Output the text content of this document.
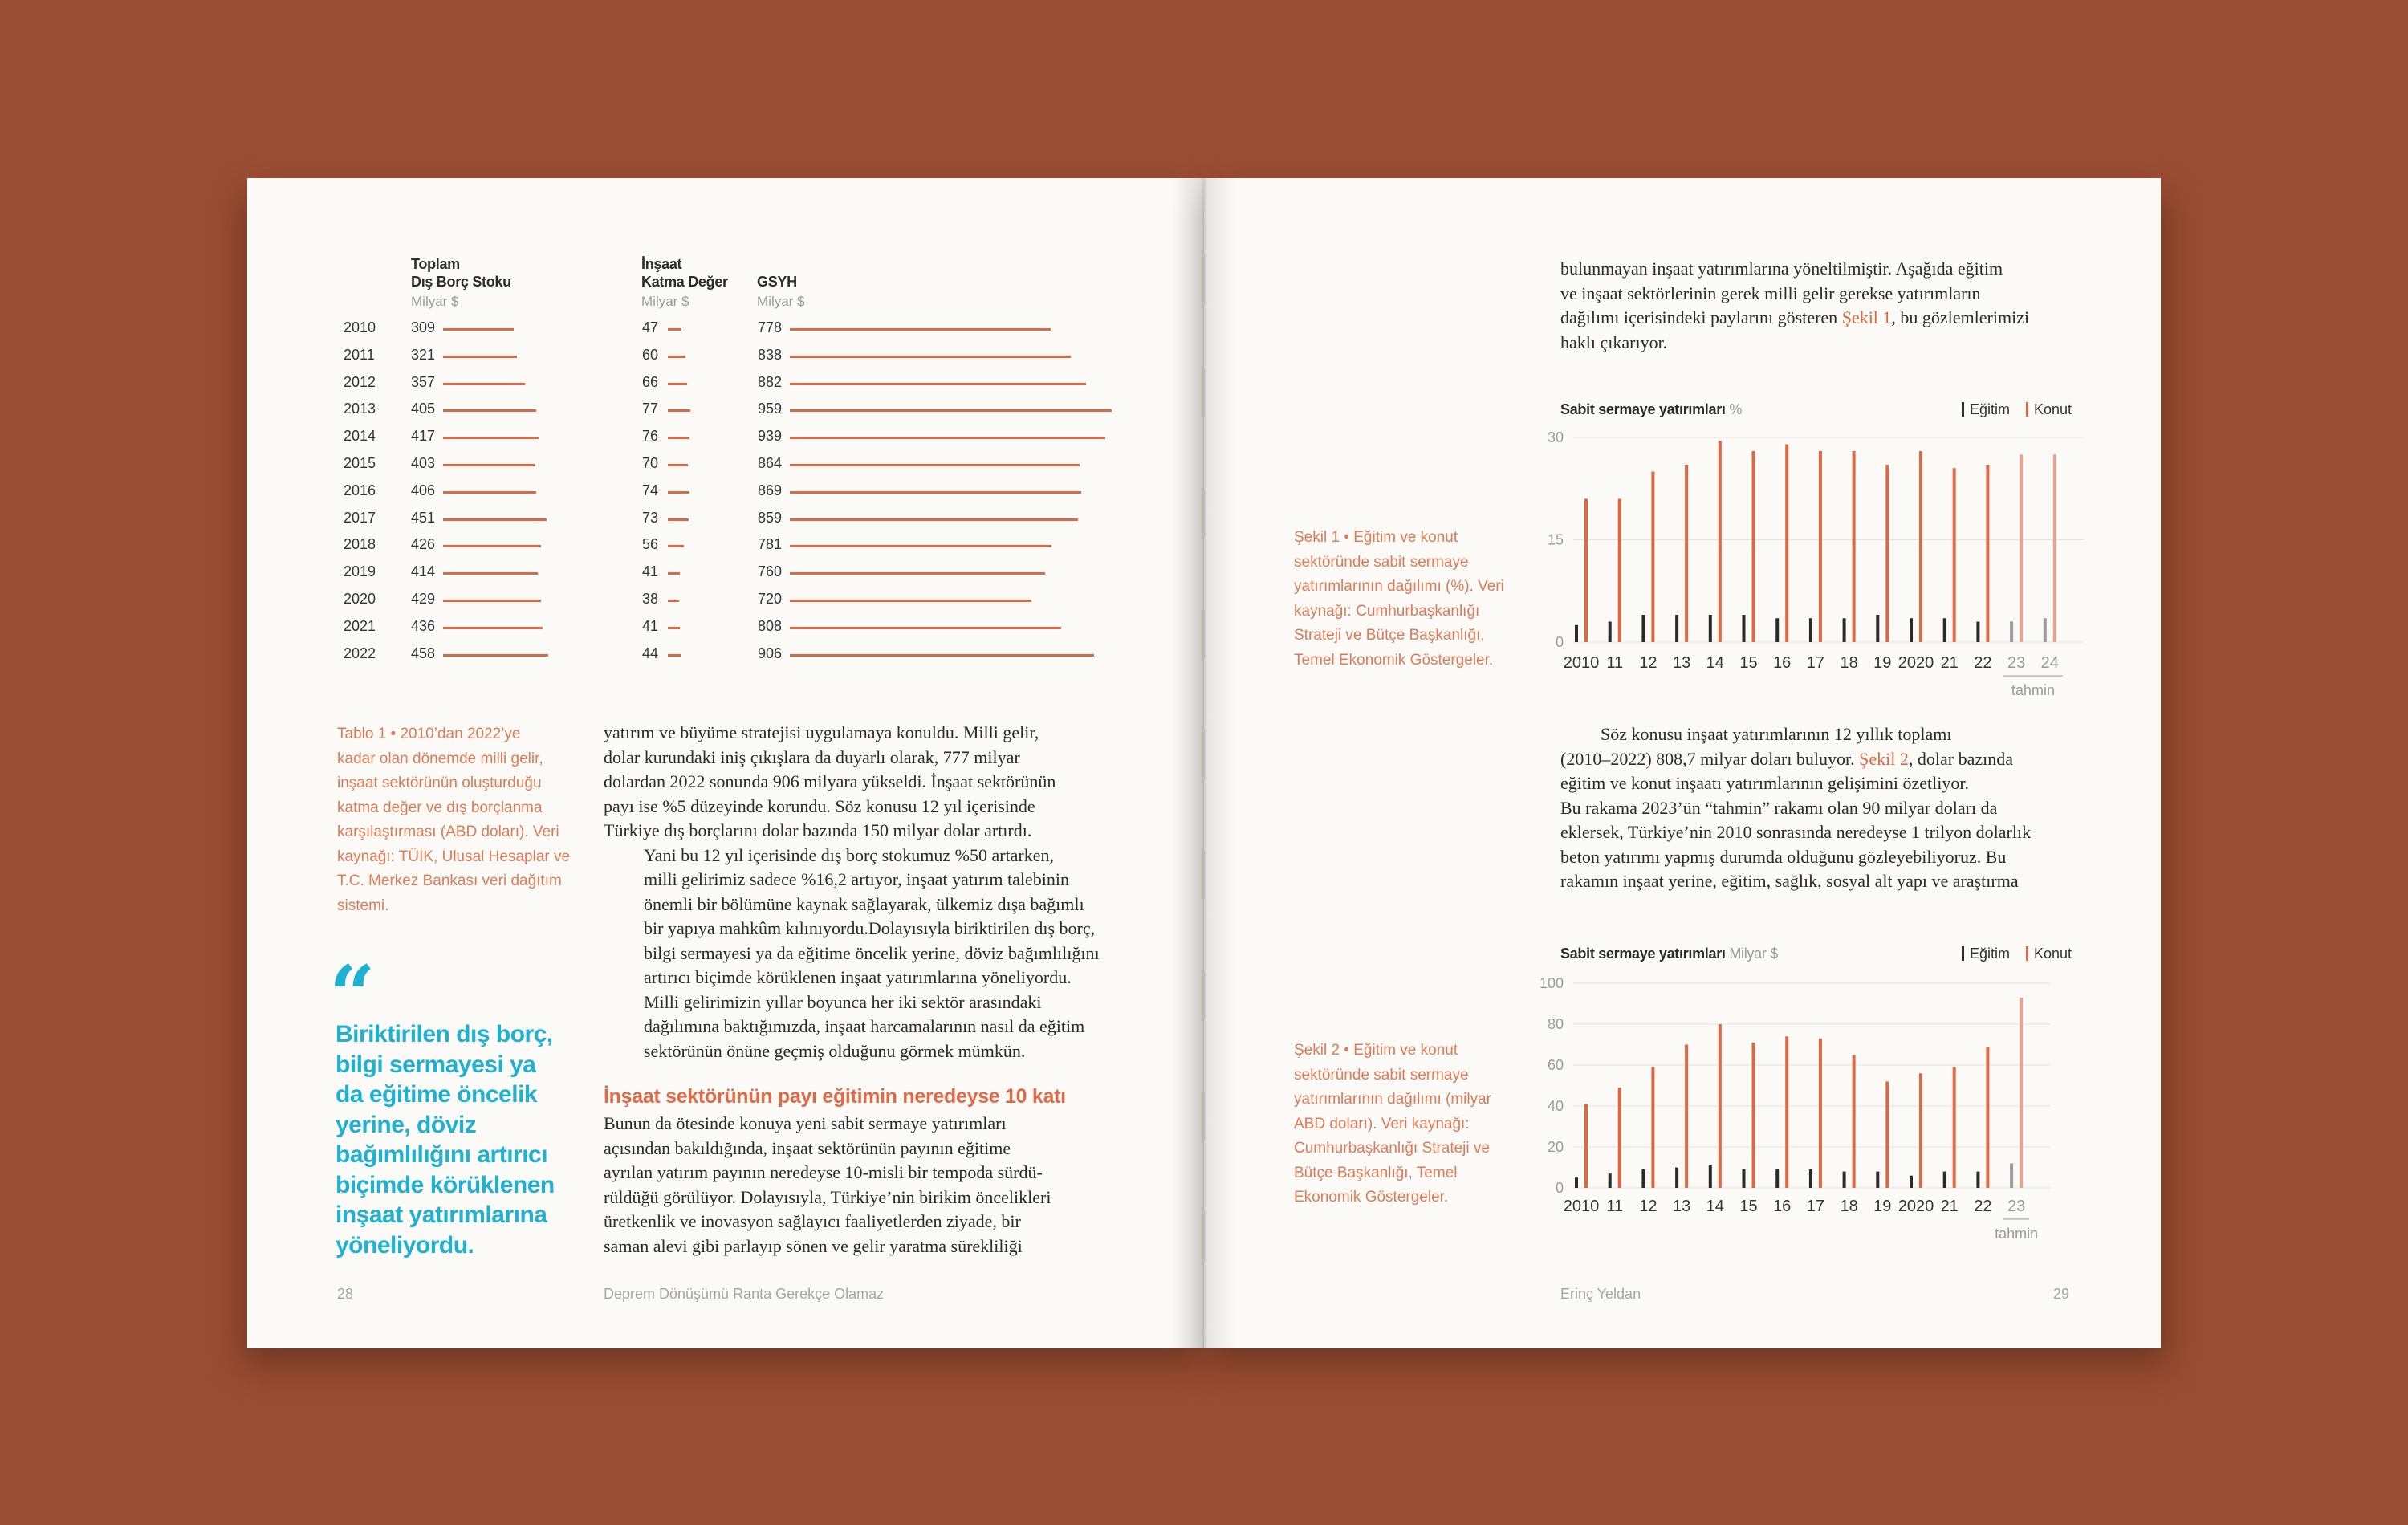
Toplam
Dış Borç Stoku
Milyar $
İnşaat
Katma Değer
Milyar $
GSYH
Milyar $
2010 309	47	778
2011	321	60	838
2012 357	66	882
2013 405	77	959
2014 417	76	939
2015 403	70	864
2016 406	74	869
2017 451	73	859
2018 426	56	781
2019 414	41	760
2020 429	38	720
2021 436	41	808
2022 458	44	906
Tablo 1 • 2010’dan 2022’ye
kadar olan dönemde milli gelir,
inşaat sektörünün oluşturduğu
katma değer ve dış borçlanma
karşılaştırması (ABD doları). Veri
kaynağı: TÜİK, Ulusal Hesaplar ve
T.C. Merkez Bankası veri dağıtım
sistemi.

yatırım ve büyüme stratejisi uygulamaya konuldu. Milli gelir,
dolar kurundaki iniş çıkışlara da duyarlı olarak, 777 milyar
dolardan 2022 sonunda 906 milyara yükseldi. İnşaat sektörünün
payı ise %5 düzeyinde korundu. Söz konusu 12 yıl içerisinde
Türkiye dış borçlarını dolar bazında 150 milyar dolar artırdı.

Yani bu 12 yıl içerisinde dış borç stokumuz %50 artarken,
milli gelirimiz sadece %16,2 artıyor, inşaat yatırım talebinin
önemli bir bölümüne kaynak sağlayarak, ülkemiz dışa bağımlı
bir yapıya mahkûm kılınıyordu.Dolayısıyla biriktirilen dış borç,
bilgi sermayesi ya da eğitime öncelik yerine, döviz bağımlılığını
artırıcı biçimde körüklenen inşaat yatırımlarına yöneliyordu.
Milli gelirimizin yıllar boyunca her iki sektör arasındaki
dağılımına baktığımızda, inşaat harcamalarının nasıl da eğitim
sektörünün önüne geçmiş olduğunu görmek mümkün.

İnşaat sektörünün payı eğitimin neredeyse 10 katı

Bunun da ötesinde konuya yeni sabit sermaye yatırımları
açısından bakıldığında, inşaat sektörünün payının eğitime
ayrılan yatırım payının neredeyse 10-misli bir tempoda sürdü-
rüldüğü görülüyor. Dolayısıyla, Türkiye’nin birikim öncelikleri
üretkenlik ve inovasyon sağlayıcı faaliyetlerden ziyade, bir
saman alevi gibi parlayıp sönen ve gelir yaratma sürekliliği

“
Biriktirilen dış borç,
bilgi sermayesi ya
da eğitime öncelik
yerine, döviz
bağımlılığını artırıcı
biçimde körüklenen
inşaat yatırımlarına
yöneliyordu.
28	Deprem Dönüşümü Ranta Gerekçe Olamaz

bulunmayan inşaat yatırımlarına yöneltilmiştir. Aşağıda eğitim
ve inşaat sektörlerinin gerek milli gelir gerekse yatırımların

dağılımı içerisindeki paylarını gösteren Şekil 1, bu gözlemlerimizi

haklı çıkarıyor.

Sabit sermaye yatırımları %	Eğitim	Konut
0
15
30
2010 11 12 13 14 15 16 17 18 19 2020 21 22 23 24
tahmin
Şekil 1 • Eğitim ve konut
sektöründe sabit sermaye
yatırımlarının dağılımı (%). Veri
kaynağı: Cumhurbaşkanlığı
Strateji ve Bütçe Başkanlığı,
Temel Ekonomik Göstergeler.

Söz konusu inşaat yatırımlarının 12 yıllık toplamı

(2010–2022) 808,7 milyar doları buluyor. Şekil 2, dolar bazında

eğitim ve konut inşaatı yatırımlarının gelişimini özetliyor.
Bu rakama 2023’ün “tahmin” rakamı olan 90 milyar doları da
eklersek, Türkiye’nin 2010 sonrasında neredeyse 1 trilyon dolarlık
beton yatırımı yapmış durumda olduğunu gözleyebiliyoruz. Bu
rakamın inşaat yerine, eğitim, sağlık, sosyal alt yapı ve araştırma

Sabit sermaye yatırımları Milyar $	Eğitim	Konut
0
20
40
60
80
100
2010 11 12 13 14 15 16 17 18 19 2020 21 22 23
tahmin
Şekil 2 • Eğitim ve konut
sektöründe sabit sermaye
yatırımlarının dağılımı (milyar
ABD doları). Veri kaynağı:
Cumhurbaşkanlığı Strateji ve
Bütçe Başkanlığı, Temel
Ekonomik Göstergeler.
Erinç Yeldan	29
